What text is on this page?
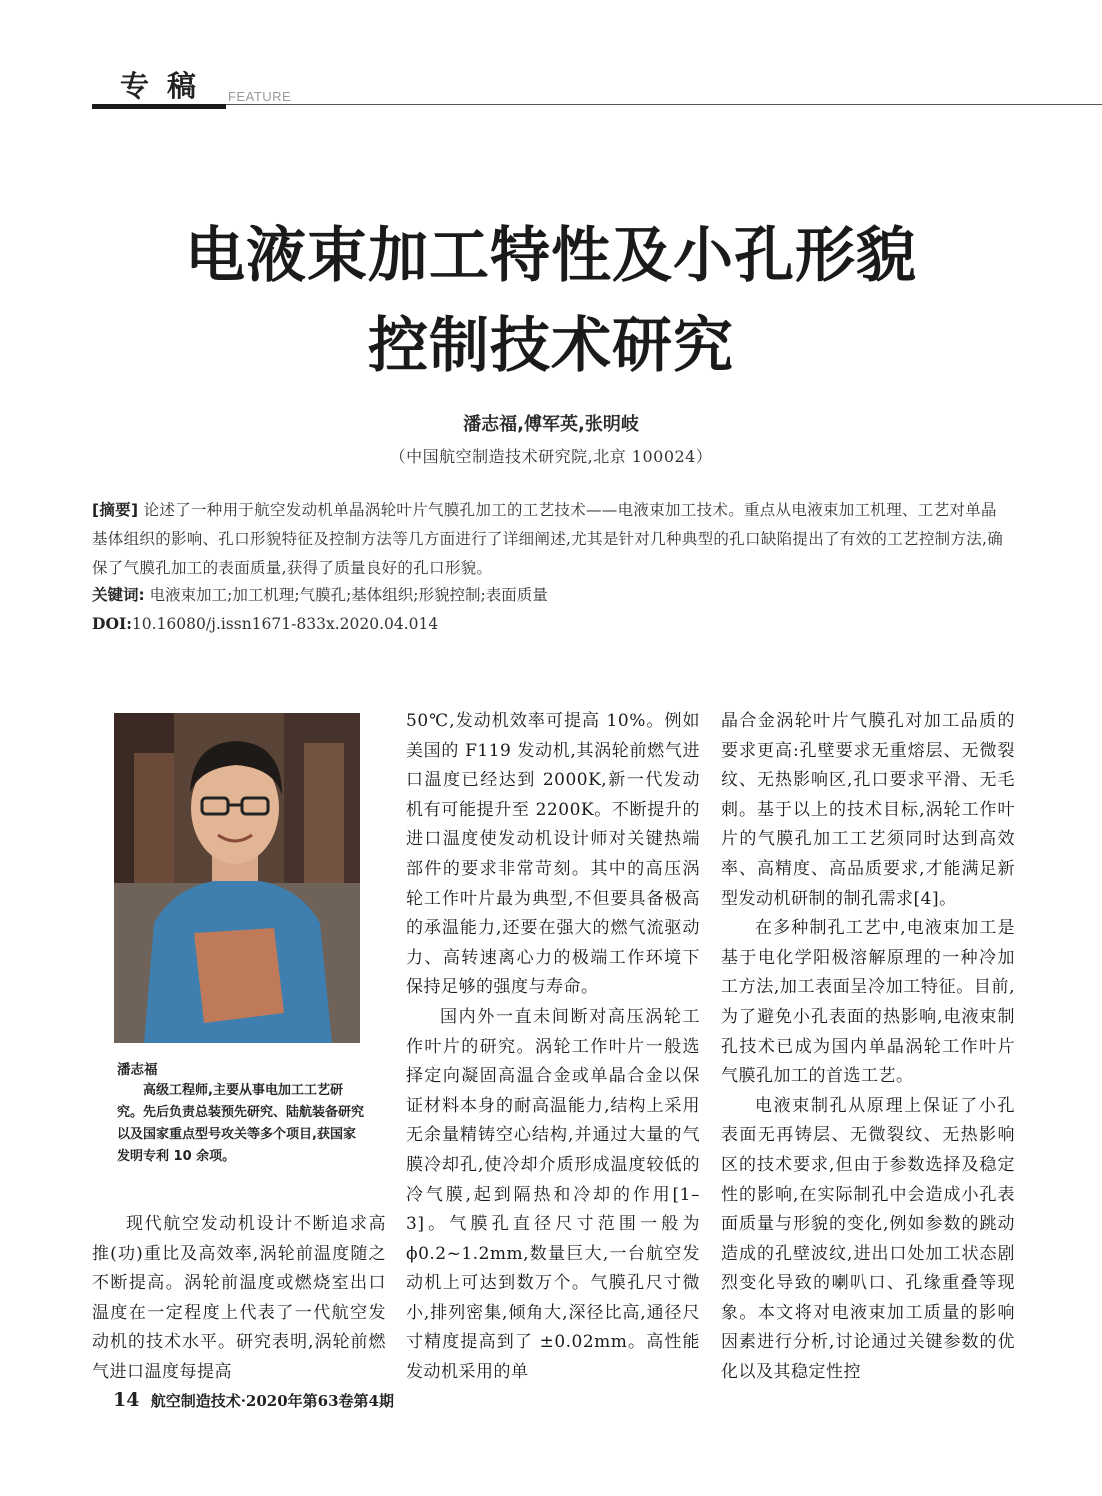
专稿 FEATURE
电液束加工特性及小孔形貌
控制技术研究
潘志福,傅军英,张明岐
（中国航空制造技术研究院,北京 100024）
[摘要] 论述了一种用于航空发动机单晶涡轮叶片气膜孔加工的工艺技术——电液束加工技术。重点从电液束加工机理、工艺对单晶基体组织的影响、孔口形貌特征及控制方法等几方面进行了详细阐述,尤其是针对几种典型的孔口缺陷提出了有效的工艺控制方法,确保了气膜孔加工的表面质量,获得了质量良好的孔口形貌。
关键词: 电液束加工;加工机理;气膜孔;基体组织;形貌控制;表面质量
DOI:10.16080/j.issn1671-833x.2020.04.014
潘志福
高级工程师,主要从事电加工工艺研究。先后负责总装预先研究、陆航装备研究以及国家重点型号攻关等多个项目,获国家发明专利 10 余项。

现代航空发动机设计不断追求高推(功)重比及高效率,涡轮前温度随之不断提高。涡轮前温度或燃烧室出口温度在一定程度上代表了一代航空发动机的技术水平。研究表明,涡轮前燃气进口温度每提高

50℃,发动机效率可提高 10%。例如美国的 F119 发动机,其涡轮前燃气进口温度已经达到 2000K,新一代发动机有可能提升至 2200K。不断提升的进口温度使发动机设计师对关键热端部件的要求非常苛刻。其中的高压涡轮工作叶片最为典型,不但要具备极高的承温能力,还要在强大的燃气流驱动力、高转速离心力的极端工作环境下保持足够的强度与寿命。

国内外一直未间断对高压涡轮工作叶片的研究。涡轮工作叶片一般选择定向凝固高温合金或单晶合金以保证材料本身的耐高温能力,结构上采用无余量精铸空心结构,并通过大量的气膜冷却孔,使冷却介质形成温度较低的冷气膜,起到隔热和冷却的作用[1–3]。气膜孔直径尺寸范围一般为 ϕ0.2~1.2mm,数量巨大,一台航空发动机上可达到数万个。气膜孔尺寸微小,排列密集,倾角大,深径比高,通径尺寸精度提高到了 ±0.02mm。高性能发动机采用的单

晶合金涡轮叶片气膜孔对加工品质的要求更高:孔壁要求无重熔层、无微裂纹、无热影响区,孔口要求平滑、无毛刺。基于以上的技术目标,涡轮工作叶片的气膜孔加工工艺须同时达到高效率、高精度、高品质要求,才能满足新型发动机研制的制孔需求[4]。

在多种制孔工艺中,电液束加工是基于电化学阳极溶解原理的一种冷加工方法,加工表面呈冷加工特征。目前,为了避免小孔表面的热影响,电液束制孔技术已成为国内单晶涡轮工作叶片气膜孔加工的首选工艺。

电液束制孔从原理上保证了小孔表面无再铸层、无微裂纹、无热影响区的技术要求,但由于参数选择及稳定性的影响,在实际制孔中会造成小孔表面质量与形貌的变化,例如参数的跳动造成的孔壁波纹,进出口处加工状态剧烈变化导致的喇叭口、孔缘重叠等现象。本文将对电液束加工质量的影响因素进行分析,讨论通过关键参数的优化以及其稳定性控

14 航空制造技术·2020年第63卷第4期
